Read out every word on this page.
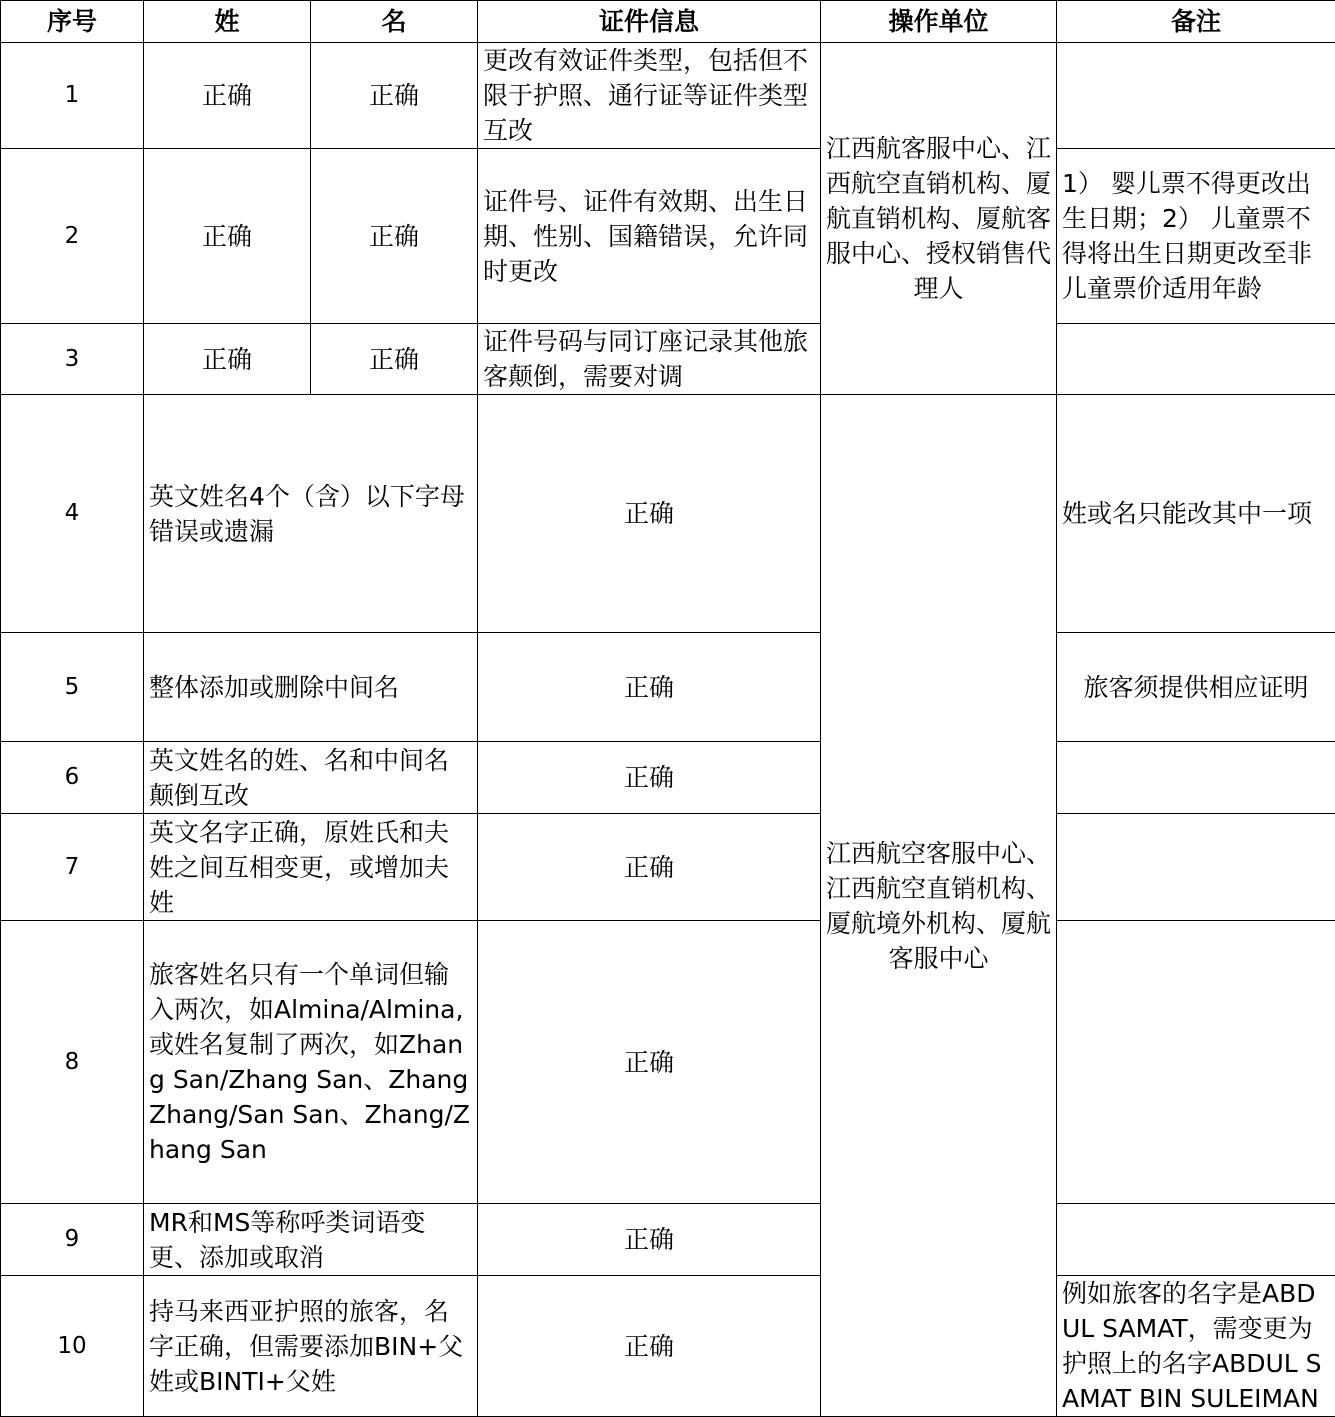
序号	姓	名	证件信息	操作单位	备注
1	正确	正确	更改有效证件类型，包括但不限于护照、通行证等证件类型互改	江西航客服中心、江西航空直销机构、厦航直销机构、厦航客服中心、授权销售代理人	
2	正确	正确	证件号、证件有效期、出生日期、性别、国籍错误，允许同时更改		1） 婴儿票不得更改出生日期；2） 儿童票不得将出生日期更改至非儿童票价适用年龄
3	正确	正确	证件号码与同订座记录其他旅客颠倒，需要对调		
4	英文姓名4个（含）以下字母错误或遗漏		正确	江西航空客服中心、江西航空直销机构、厦航境外机构、厦航客服中心	姓或名只能改其中一项
5	整体添加或删除中间名		正确		旅客须提供相应证明
6	英文姓名的姓、名和中间名颠倒互改		正确		
7	英文名字正确，原姓氏和夫姓之间互相变更，或增加夫姓		正确		
8	旅客姓名只有一个单词但输入两次，如Almina/Almina,或姓名复制了两次，如Zhang San/Zhang San、Zhang Zhang/San San、Zhang/Zhang San		正确		
9	MR和MS等称呼类词语变更、添加或取消		正确		
10	持马来西亚护照的旅客，名字正确，但需要添加BIN+父姓或BINTI+父姓		正确		例如旅客的名字是ABDUL SAMAT，需变更为护照上的名字ABDUL SAMAT BIN SULEIMAN
